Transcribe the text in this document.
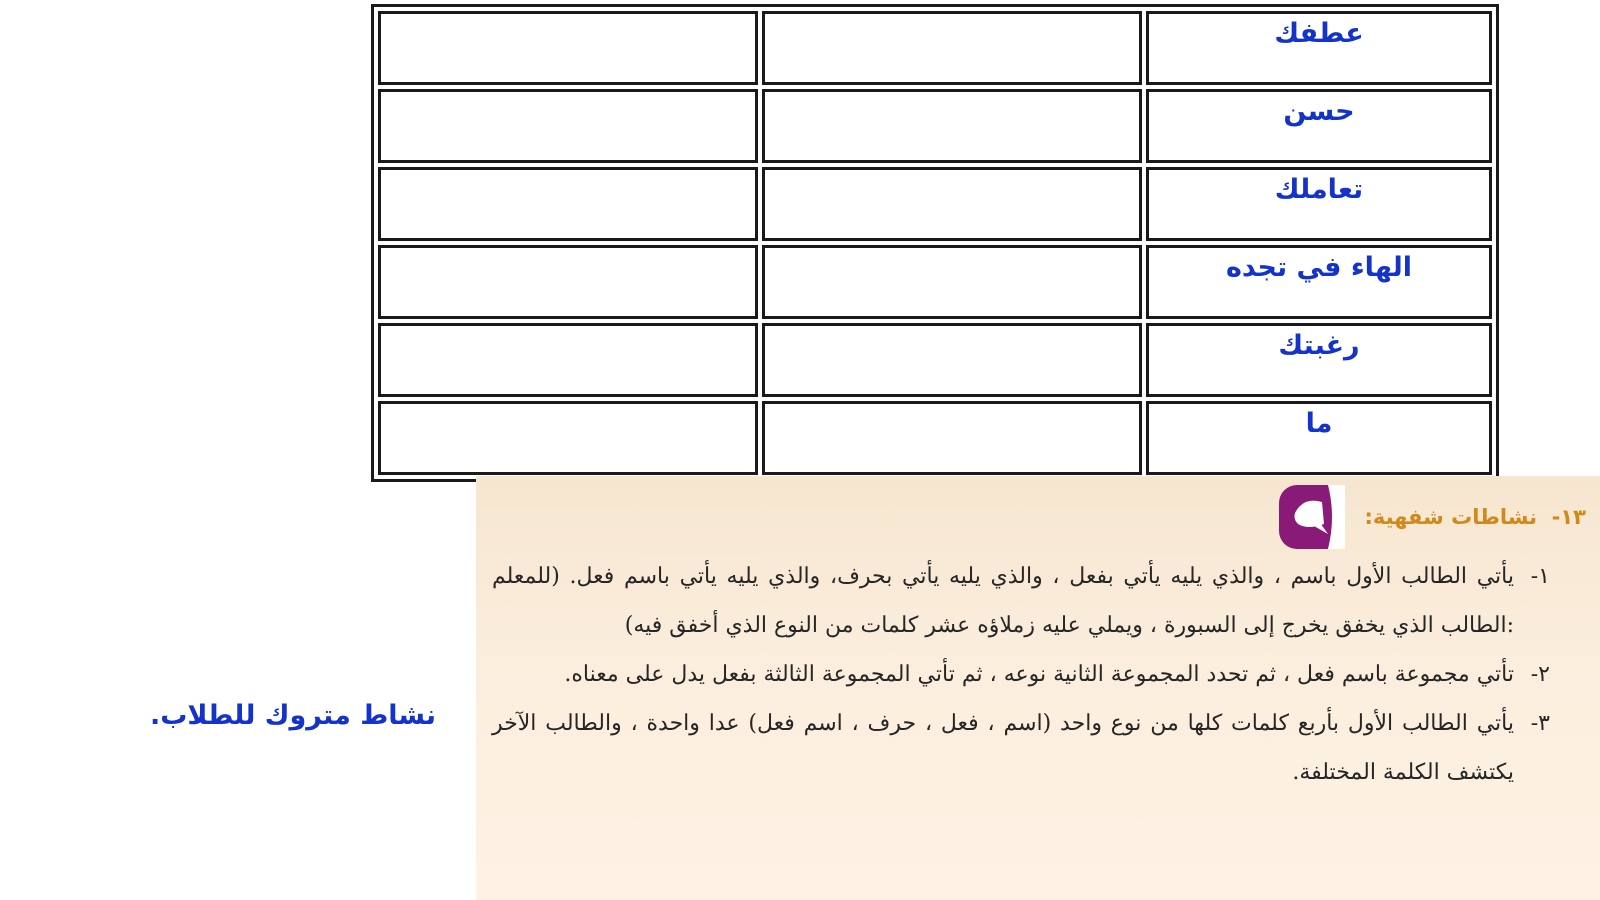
عطفك		
حسن		
تعاملك		
الهاء في تجده		
رغبتك		
ما		
١٣-  نشاطات شفهية:
١-
يأتي الطالب الأول باسم ، والذي يليه يأتي بفعل ، والذي يليه يأتي بحرف، والذي يليه يأتي باسم فعل. (للمعلم :الطالب الذي يخفق يخرج إلى السبورة ، ويملي عليه زملاؤه عشر كلمات من النوع الذي أخفق فيه)
٢-
تأتي مجموعة باسم فعل ، ثم تحدد المجموعة الثانية نوعه ، ثم تأتي المجموعة الثالثة بفعل يدل على معناه.
٣-
يأتي الطالب الأول بأربع كلمات كلها من نوع واحد (اسم ، فعل ، حرف ، اسم فعل) عدا واحدة ، والطالب الآخر يكتشف الكلمة المختلفة.
نشاط متروك للطلاب.
